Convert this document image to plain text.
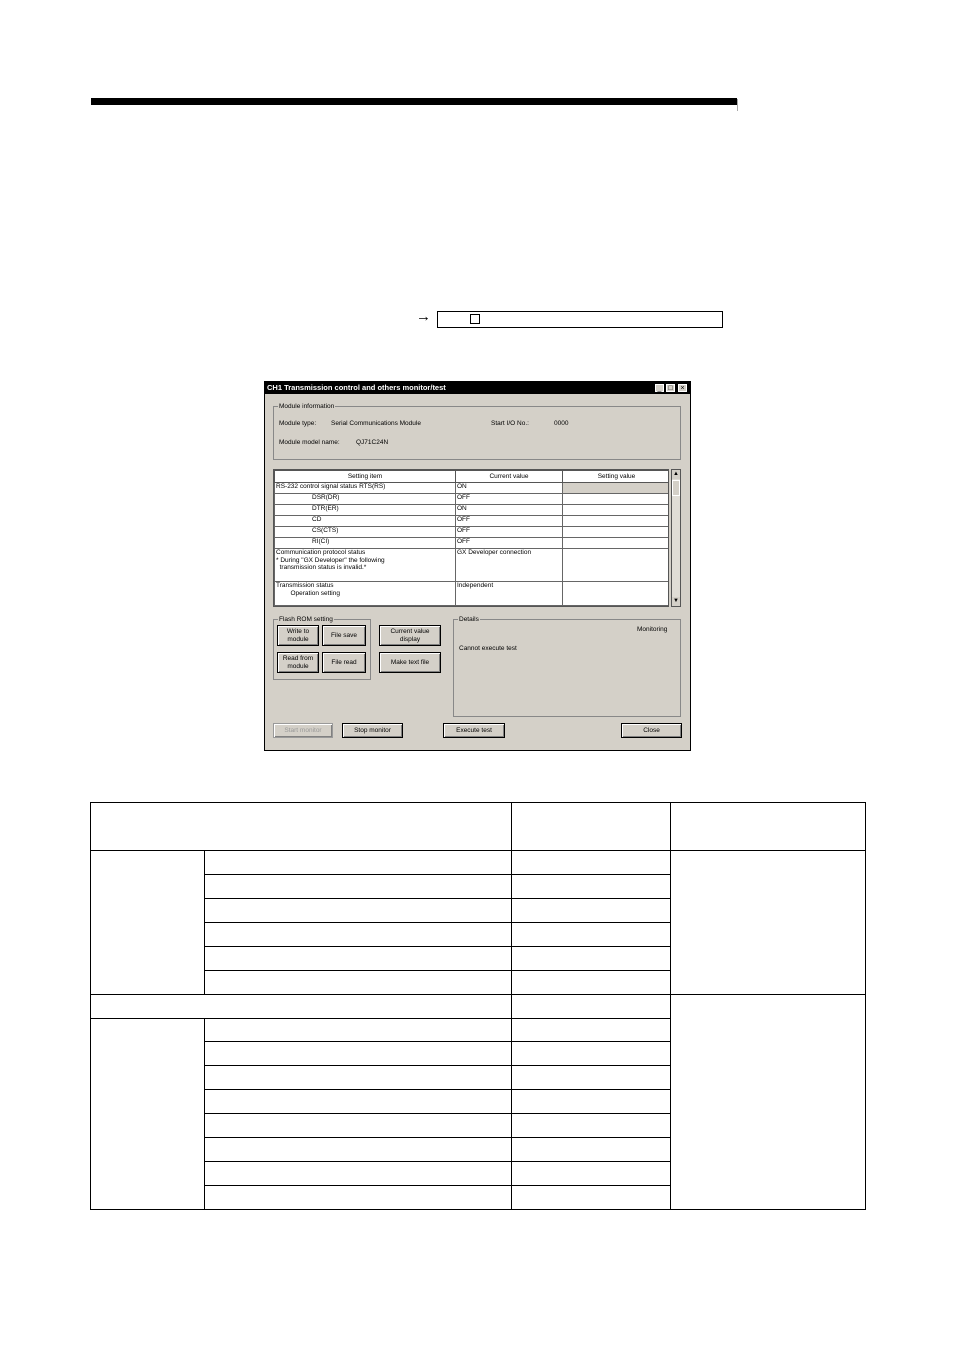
→
CH1 Transmission control and others monitor/test	_ □	×
Module information
Module type: Serial Communications Module	Start I/O No.:	0000
Module model name:	QJ71C24N
Setting item	Current value	Setting value
RS-232 control signal status RTS(RS)	ON	
DSR(DR)	OFF	
DTR(ER)	ON	
CD	OFF	
CS(CTS)	OFF	
RI(CI)	OFF	
Communication protocol status
* During "GX Developer" the following
transmission status is invalid.*	GX Developer connection	
Transmission status
Operation setting	Independent	
▲
▼
Flash ROM setting
Write to
module
File save
Read from
module
File read
Current value
display
Make text file
Details
Monitoring
Cannot execute test
Start monitor	Stop monitor	Execute test	Close
